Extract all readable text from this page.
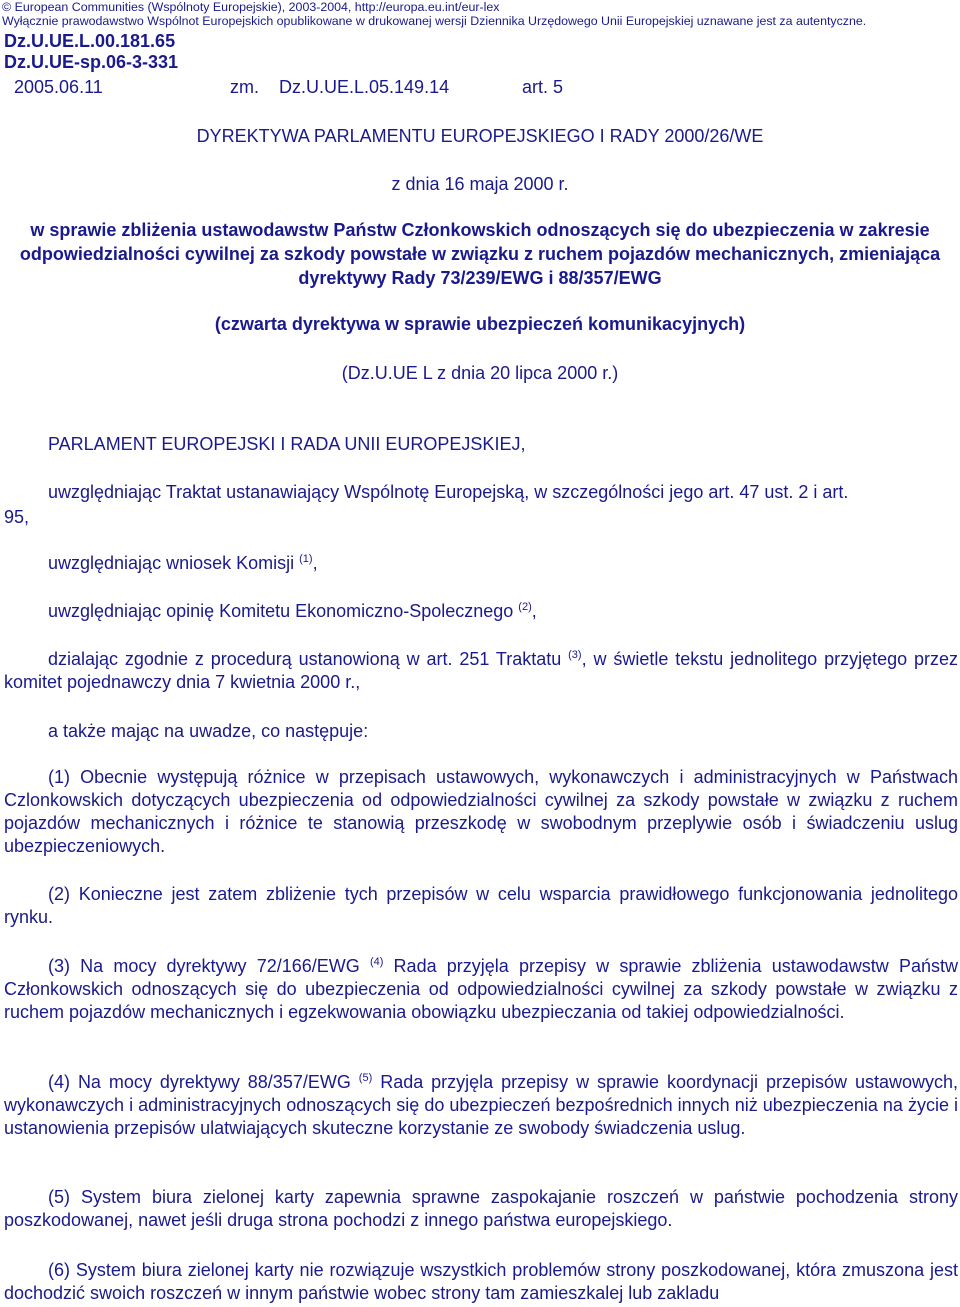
© European Communities (Wspólnoty Europejskie), 2003-2004, http://europa.eu.int/eur-lex
Wyłącznie prawodawstwo Wspólnot Europejskich opublikowane w drukowanej wersji Dziennika Urzędowego Unii Europejskiej uznawane jest za autentyczne.
Dz.U.UE.L.00.181.65
Dz.U.UE-sp.06-3-331
2005.06.11	zm. Dz.U.UE.L.05.149.14	art. 5
DYREKTYWA PARLAMENTU EUROPEJSKIEGO I RADY 2000/26/WE
z dnia 16 maja 2000 r.
w sprawie zbliżenia ustawodawstw Państw Członkowskich odnoszących się do ubezpieczenia w zakresie odpowiedzialności cywilnej za szkody powstałe w związku z ruchem pojazdów mechanicznych, zmieniająca dyrektywy Rady 73/239/EWG i 88/357/EWG
(czwarta dyrektywa w sprawie ubezpieczeń komunikacyjnych)
(Dz.U.UE L z dnia 20 lipca 2000 r.)
PARLAMENT EUROPEJSKI I RADA UNII EUROPEJSKIEJ,
uwzględniając Traktat ustanawiający Wspólnotę Europejską, w szczególności jego art. 47 ust. 2 i art.
95,
uwzględniając wniosek Komisji $^{(1)}$,
uwzględniając opinię Komitetu Ekonomiczno-Spolecznego $^{(2)}$,
dzialając zgodnie z procedurą ustanowioną w art. 251 Traktatu $^{(3)}$, w świetle tekstu jednolitego przyjętego przez komitet pojednawczy dnia 7 kwietnia 2000 r.,
a także mając na uwadze, co następuje:
(1) Obecnie występują różnice w przepisach ustawowych, wykonawczych i administracyjnych w Państwach Czlonkowskich dotyczących ubezpieczenia od odpowiedzialności cywilnej za szkody powstałe w związku z ruchem pojazdów mechanicznych i różnice te stanowią przeszkodę w swobodnym przeplywie osób i świadczeniu uslug ubezpieczeniowych.
(2) Konieczne jest zatem zbliżenie tych przepisów w celu wsparcia prawidłowego funkcjonowania jednolitego rynku.
(3) Na mocy dyrektywy 72/166/EWG $^{(4)}$ Rada przyjęla przepisy w sprawie zbliżenia ustawodawstw Państw Członkowskich odnoszących się do ubezpieczenia od odpowiedzialności cywilnej za szkody powstałe w związku z ruchem pojazdów mechanicznych i egzekwowania obowiązku ubezpieczania od takiej odpowiedzialności.
(4) Na mocy dyrektywy 88/357/EWG $^{(5)}$ Rada przyjęla przepisy w sprawie koordynacji przepisów ustawowych, wykonawczych i administracyjnych odnoszących się do ubezpieczeń bezpośrednich innych niż ubezpieczenia na życie i ustanowienia przepisów ulatwiających skuteczne korzystanie ze swobody świadczenia uslug.
(5) System biura zielonej karty zapewnia sprawne zaspokajanie roszczeń w państwie pochodzenia strony poszkodowanej, nawet jeśli druga strona pochodzi z innego państwa europejskiego.
(6) System biura zielonej karty nie rozwiązuje wszystkich problemów strony poszkodowanej, która zmuszona jest dochodzić swoich roszczeń w innym państwie wobec strony tam zamieszkalej lub zakladu
